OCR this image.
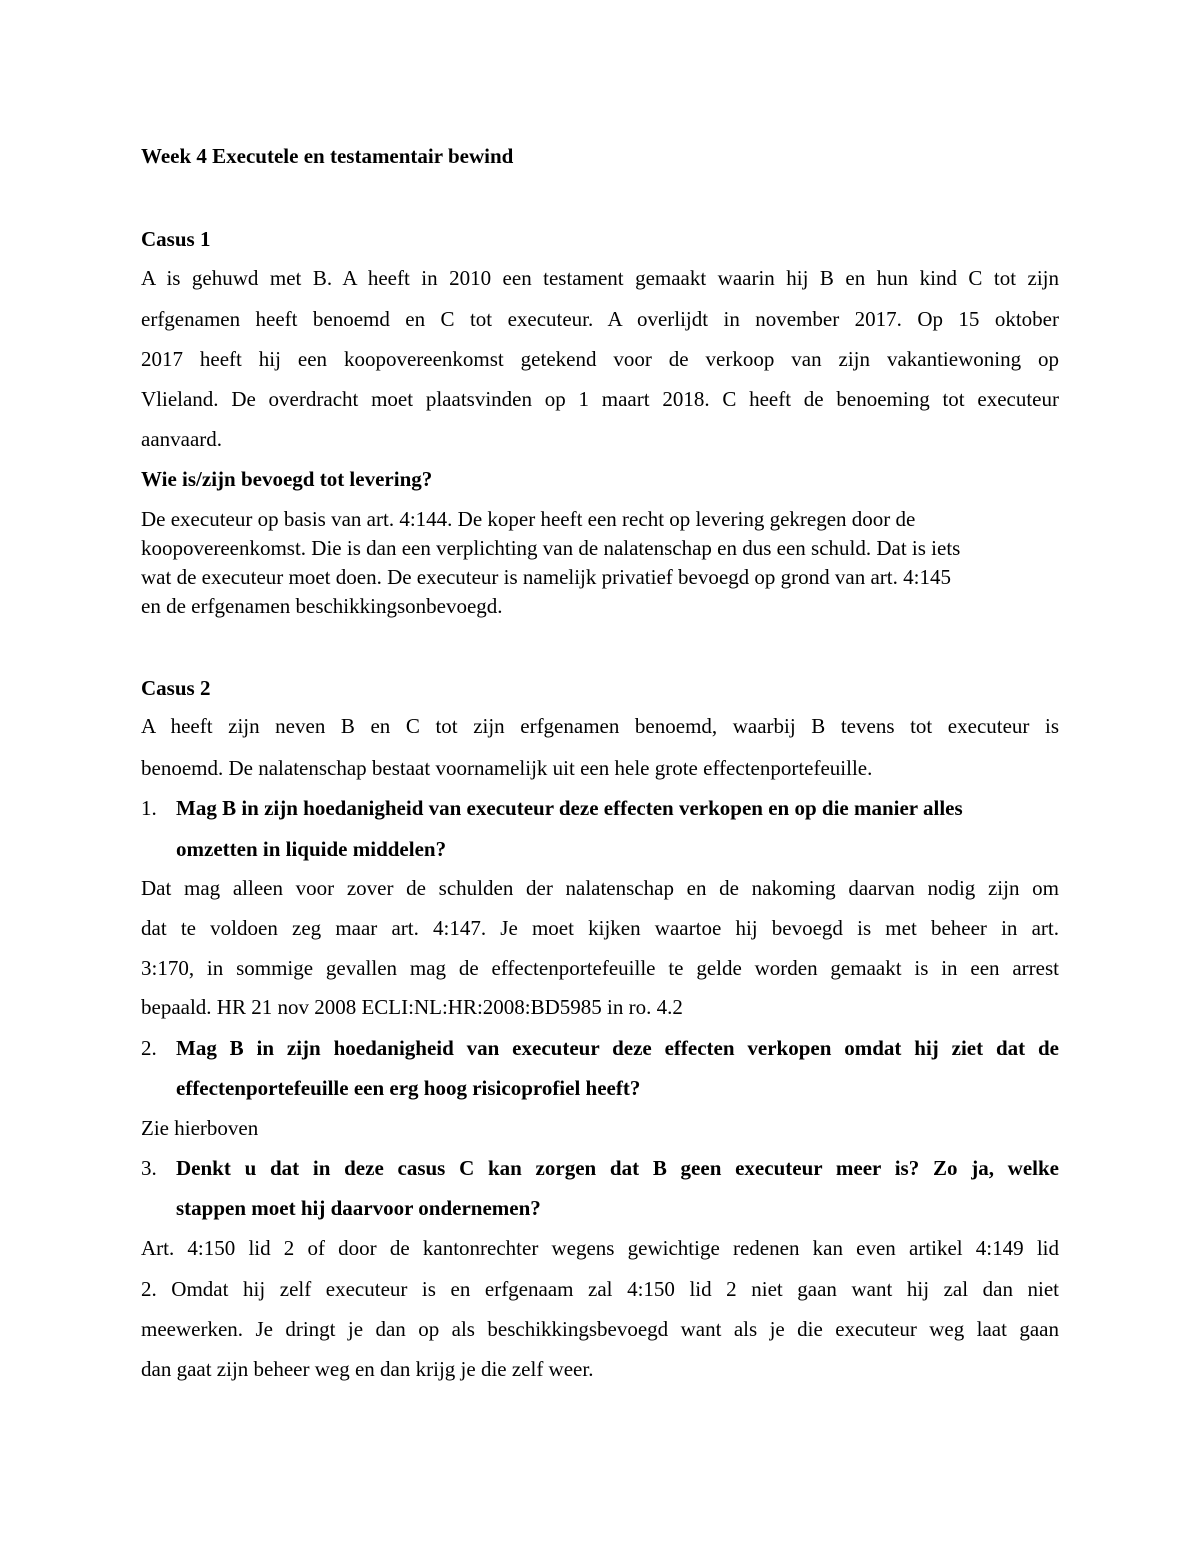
Week 4 Executele en testamentair bewind
Casus 1
A is gehuwd met B. A heeft in 2010 een testament gemaakt waarin hij B en hun kind C tot zijn
erfgenamen heeft benoemd en C tot executeur. A overlijdt in november 2017. Op 15 oktober
2017 heeft hij een koopovereenkomst getekend voor de verkoop van zijn vakantiewoning op
Vlieland. De overdracht moet plaatsvinden op 1 maart 2018. C heeft de benoeming tot executeur
aanvaard.
Wie is/zijn bevoegd tot levering?
De executeur op basis van art. 4:144. De koper heeft een recht op levering gekregen door de
koopovereenkomst. Die is dan een verplichting van de nalatenschap en dus een schuld. Dat is iets
wat de executeur moet doen. De executeur is namelijk privatief bevoegd op grond van art. 4:145
en de erfgenamen beschikkingsonbevoegd.
Casus 2
A heeft zijn neven B en C tot zijn erfgenamen benoemd, waarbij B tevens tot executeur is
benoemd. De nalatenschap bestaat voornamelijk uit een hele grote effectenportefeuille.
1. Mag B in zijn hoedanigheid van executeur deze effecten verkopen en op die manier alles
omzetten in liquide middelen?
Dat mag alleen voor zover de schulden der nalatenschap en de nakoming daarvan nodig zijn om
dat te voldoen zeg maar art. 4:147. Je moet kijken waartoe hij bevoegd is met beheer in art.
3:170, in sommige gevallen mag de effectenportefeuille te gelde worden gemaakt is in een arrest
bepaald. HR 21 nov 2008 ECLI:NL:HR:2008:BD5985 in ro. 4.2
2. Mag B in zijn hoedanigheid van executeur deze effecten verkopen omdat hij ziet dat de
effectenportefeuille een erg hoog risicoprofiel heeft?
Zie hierboven
3. Denkt u dat in deze casus C kan zorgen dat B geen executeur meer is? Zo ja, welke
stappen moet hij daarvoor ondernemen?
Art. 4:150 lid 2 of door de kantonrechter wegens gewichtige redenen kan even artikel 4:149 lid
2. Omdat hij zelf executeur is en erfgenaam zal 4:150 lid 2 niet gaan want hij zal dan niet
meewerken. Je dringt je dan op als beschikkingsbevoegd want als je die executeur weg laat gaan
dan gaat zijn beheer weg en dan krijg je die zelf weer.
